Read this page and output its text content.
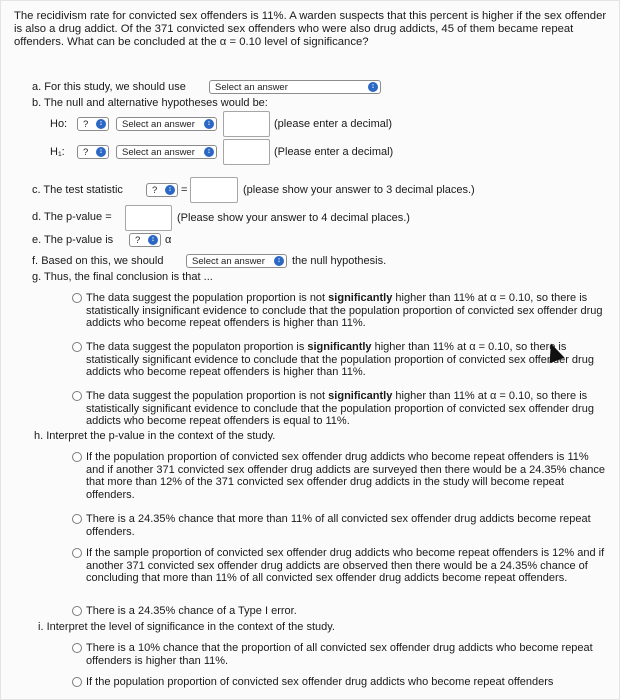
The recidivism rate for convicted sex offenders is 11%. A warden suspects that this percent is higher if the sex offender is also a drug addict. Of the 371 convicted sex offenders who were also drug addicts, 45 of them became repeat offenders. What can be concluded at the α = 0.10 level of significance?
a. For this study, we should use	Select an answer	↕
b. The null and alternative hypotheses would be:
Ho: ?	↕	Select an answer	↕	(please enter a decimal)
H₁: ?	↕	Select an answer	↕	(Please enter a decimal)
c. The test statistic	?	↕ =	(please show your answer to 3 decimal places.)
d. The p-value =	(Please show your answer to 4 decimal places.)
e. The p-value is ?	↕ α
f. Based on this, we should	Select an answer	↕ the null hypothesis.
g. Thus, the final conclusion is that ...
The data suggest the population proportion is not significantly higher than 11% at α = 0.10, so there is statistically insignificant evidence to conclude that the population proportion of convicted sex offender drug addicts who become repeat offenders is higher than 11%.
The data suggest the populaton proportion is significantly higher than 11% at α = 0.10, so there is statistically significant evidence to conclude that the population proportion of convicted sex offender drug addicts who become repeat offenders is higher than 11%.
The data suggest the population proportion is not significantly higher than 11% at α = 0.10, so there is statistically significant evidence to conclude that the population proportion of convicted sex offender drug addicts who become repeat offenders is equal to 11%.
h. Interpret the p-value in the context of the study.
If the population proportion of convicted sex offender drug addicts who become repeat offenders is 11% and if another 371 convicted sex offender drug addicts are surveyed then there would be a 24.35% chance that more than 12% of the 371 convicted sex offender drug addicts in the study will become repeat offenders.
There is a 24.35% chance that more than 11% of all convicted sex offender drug addicts become repeat offenders.
If the sample proportion of convicted sex offender drug addicts who become repeat offenders is 12% and if another 371 convicted sex offender drug addicts are observed then there would be a 24.35% chance of concluding that more than 11% of all convicted sex offender drug addicts become repeat offenders.
There is a 24.35% chance of a Type I error.
i. Interpret the level of significance in the context of the study.
There is a 10% chance that the proportion of all convicted sex offender drug addicts who become repeat offenders is higher than 11%.
If the population proportion of convicted sex offender drug addicts who become repeat offenders
